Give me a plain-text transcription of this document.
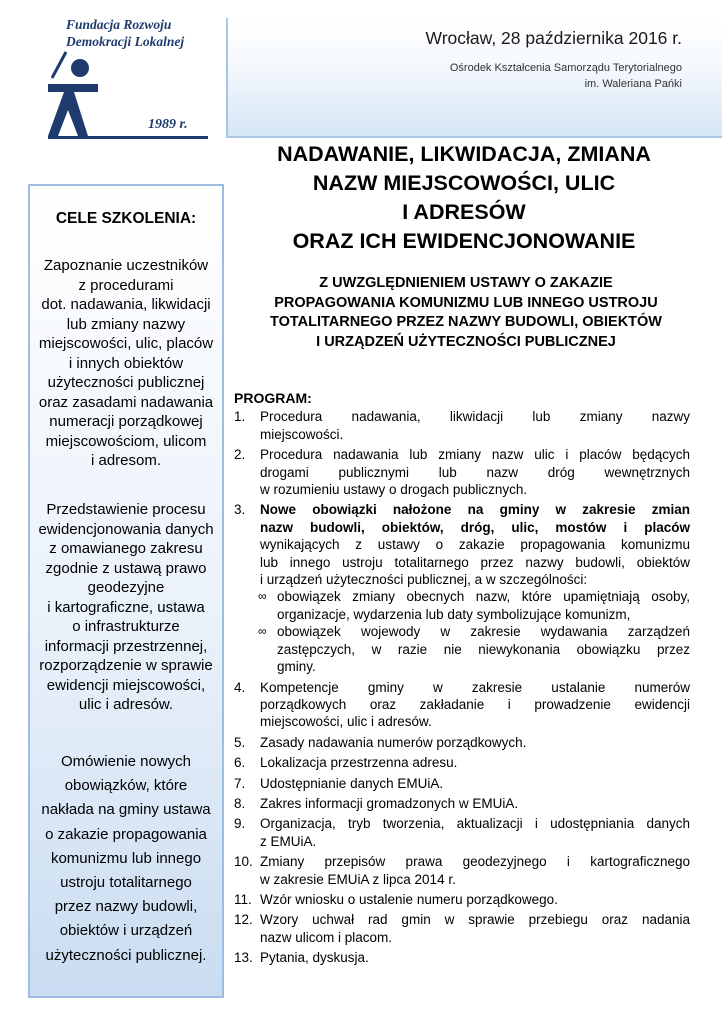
Fundacja Rozwoju
Demokracji Lokalnej
1989 r.
Wrocław, 28 października 2016 r.
Ośrodek Kształcenia Samorządu Terytorialnego
im. Waleriana Pańki
CELE SZKOLENIA:
Zapoznanie uczestników
z procedurami
dot. nadawania, likwidacji
lub zmiany nazwy
miejscowości, ulic, placów
i innych obiektów
użyteczności publicznej
oraz zasadami nadawania
numeracji porządkowej
miejscowościom, ulicom
i adresom.
Przedstawienie procesu
ewidencjonowania danych
z omawianego zakresu
zgodnie z ustawą prawo
geodezyjne
i kartograficzne, ustawa
o infrastrukturze
informacji przestrzennej,
rozporządzenie w sprawie
ewidencji miejscowości,
ulic i adresów.
Omówienie nowych
obowiązków, które
nakłada na gminy ustawa
o zakazie propagowania
komunizmu lub innego
ustroju totalitarnego
przez nazwy budowli,
obiektów i urządzeń
użyteczności publicznej.
NADAWANIE, LIKWIDACJA, ZMIANA
NAZW MIEJSCOWOŚCI, ULIC
I ADRESÓW
ORAZ ICH EWIDENCJONOWANIE
Z UWZGLĘDNIENIEM USTAWY O ZAKAZIE
PROPAGOWANIA KOMUNIZMU LUB INNEGO USTROJU
TOTALITARNEGO PRZEZ NAZWY BUDOWLI, OBIEKTÓW
I URZĄDZEŃ UŻYTECZNOŚCI PUBLICZNEJ
PROGRAM:
1.	Procedura nadawania, likwidacji lub zmiany nazwy
miejscowości.
2.	Procedura nadawania lub zmiany nazw ulic i placów będących
drogami publicznymi lub nazw dróg wewnętrznych
w rozumieniu ustawy o drogach publicznych.
3.	Nowe obowiązki nałożone na gminy w zakresie zmian
nazw budowli, obiektów, dróg, ulic, mostów i placów
wynikających z ustawy o zakazie propagowania komunizmu
lub innego ustroju totalitarnego przez nazwy budowli, obiektów
i urządzeń użyteczności publicznej, a w szczególności:
∞ obowiązek zmiany obecnych nazw, które upamiętniają osoby,
organizacje, wydarzenia lub daty symbolizujące komunizm,
∞ obowiązek wojewody w zakresie wydawania zarządzeń
zastępczych, w razie nie niewykonania obowiązku przez
gminy.
4.	Kompetencje gminy w zakresie ustalanie numerów
porządkowych oraz zakładanie i prowadzenie ewidencji
miejscowości, ulic i adresów.
5.	Zasady nadawania numerów porządkowych.
6.	Lokalizacja przestrzenna adresu.
7.	Udostępnianie danych EMUiA.
8.	Zakres informacji gromadzonych w EMUiA.
9.	Organizacja, tryb tworzenia, aktualizacji i udostępniania danych
z EMUiA.
10. Zmiany przepisów prawa geodezyjnego i kartograficznego
w zakresie EMUiA z lipca 2014 r.
11. Wzór wniosku o ustalenie numeru porządkowego.
12. Wzory uchwał rad gmin w sprawie przebiegu oraz nadania
nazw ulicom i placom.
13. Pytania, dyskusja.
